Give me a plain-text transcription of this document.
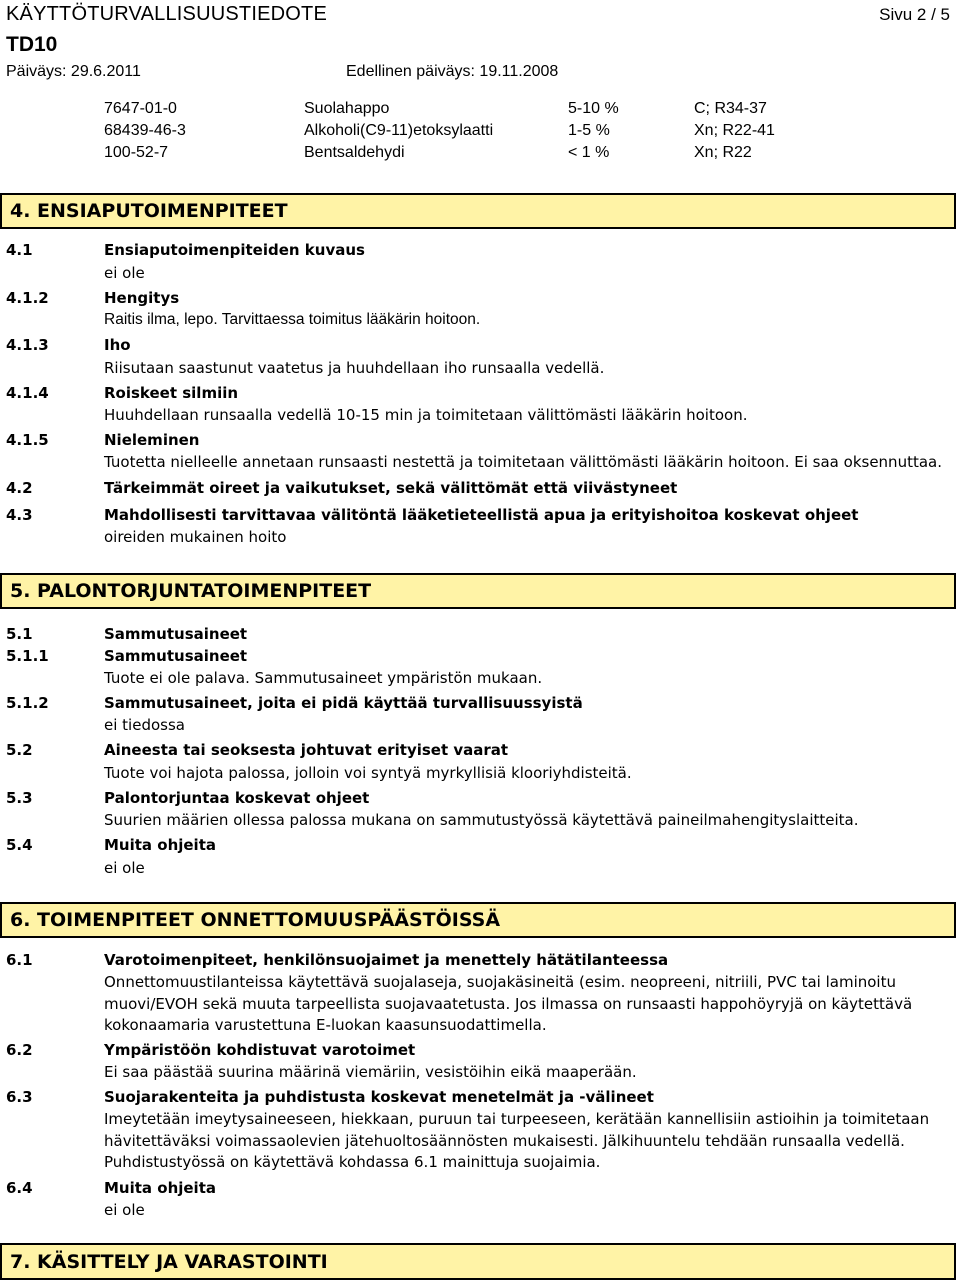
KÄYTTÖTURVALLISUUSTIEDOTE	Sivu 2 / 5
TD10
Päiväys: 29.6.2011	Edellinen päiväys: 19.11.2008
7647-01-0	Suolahappo	5-10 %	C; R34-37
68439-46-3	Alkoholi(C9-11)etoksylaatti	1-5 %	Xn; R22-41
100-52-7	Bentsaldehydi	< 1 %	Xn; R22
4. ENSIAPUTOIMENPITEET
4.1	Ensiaputoimenpiteiden kuvaus
ei ole
4.1.2	Hengitys
Raitis ilma, lepo. Tarvittaessa toimitus lääkärin hoitoon.
4.1.3	Iho
Riisutaan saastunut vaatetus ja huuhdellaan iho runsaalla vedellä.
4.1.4	Roiskeet silmiin
Huuhdellaan runsaalla vedellä 10-15 min ja toimitetaan välittömästi lääkärin hoitoon.
4.1.5	Nieleminen
Tuotetta nielleelle annetaan runsaasti nestettä ja toimitetaan välittömästi lääkärin hoitoon. Ei saa oksennuttaa.
4.2	Tärkeimmät oireet ja vaikutukset, sekä välittömät että viivästyneet
4.3	Mahdollisesti tarvittavaa välitöntä lääketieteellistä apua ja erityishoitoa koskevat ohjeet
oireiden mukainen hoito
5. PALONTORJUNTATOIMENPITEET
5.1	Sammutusaineet
5.1.1	Sammutusaineet
Tuote ei ole palava. Sammutusaineet ympäristön mukaan.
5.1.2	Sammutusaineet, joita ei pidä käyttää turvallisuussyistä
ei tiedossa
5.2	Aineesta tai seoksesta johtuvat erityiset vaarat
Tuote voi hajota palossa, jolloin voi syntyä myrkyllisiä klooriyhdisteitä.
5.3	Palontorjuntaa koskevat ohjeet
Suurien määrien ollessa palossa mukana on sammutustyössä käytettävä paineilmahengityslaitteita.
5.4	Muita ohjeita
ei ole
6. TOIMENPITEET ONNETTOMUUSPÄÄSTÖISSÄ
6.1	Varotoimenpiteet, henkilönsuojaimet ja menettely hätätilanteessa
Onnettomuustilanteissa käytettävä suojalaseja, suojakäsineitä (esim. neopreeni, nitriili, PVC tai laminoitu
muovi/EVOH sekä muuta tarpeellista suojavaatetusta. Jos ilmassa on runsaasti happohöyryjä on käytettävä
kokonaamaria varustettuna E-luokan kaasunsuodattimella.
6.2	Ympäristöön kohdistuvat varotoimet
Ei saa päästää suurina määrinä viemäriin, vesistöihin eikä maaperään.
6.3	Suojarakenteita ja puhdistusta koskevat menetelmät ja -välineet
Imeytetään imeytysaineeseen, hiekkaan, puruun tai turpeeseen, kerätään kannellisiin astioihin ja toimitetaan
hävitettäväksi voimassaolevien jätehuoltosäännösten mukaisesti. Jälkihuuntelu tehdään runsaalla vedellä.
Puhdistustyössä on käytettävä kohdassa 6.1 mainittuja suojaimia.
6.4	Muita ohjeita
ei ole
7. KÄSITTELY JA VARASTOINTI
